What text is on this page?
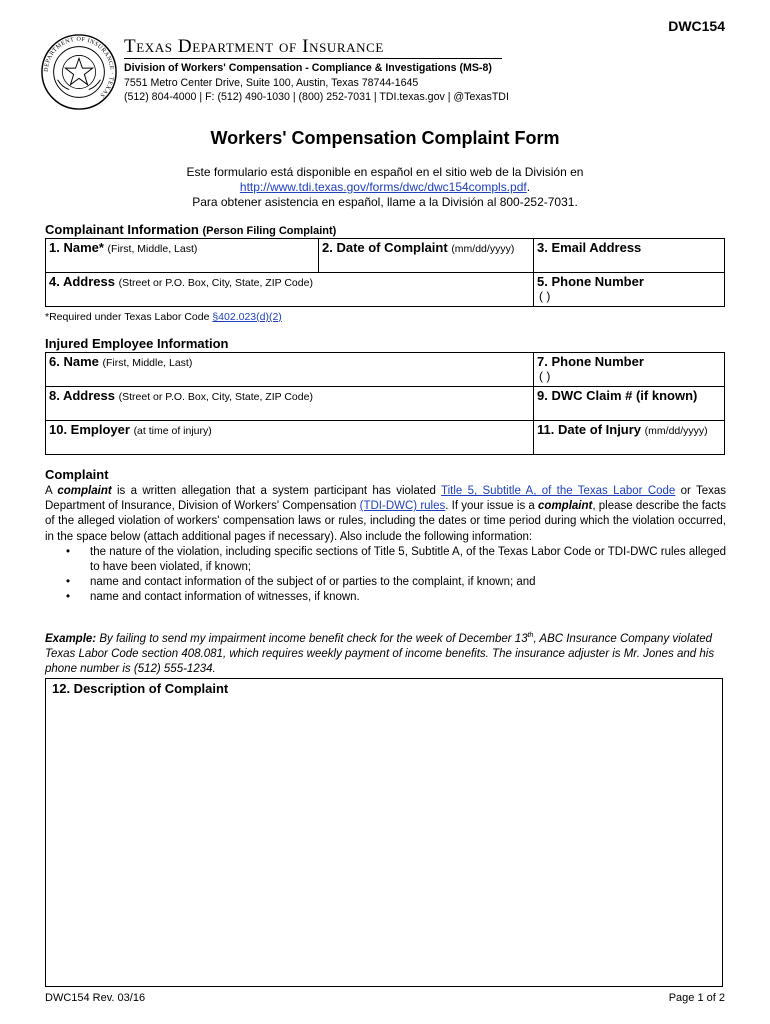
DWC154
DEPARTMENT OF INSURANCE · TEXAS
Texas Department of Insurance
Division of Workers' Compensation - Compliance & Investigations (MS-8)
7551 Metro Center Drive, Suite 100, Austin, Texas 78744-1645
(512) 804-4000 | F: (512) 490-1030 | (800) 252-7031 | TDI.texas.gov | @TexasTDI
Workers' Compensation Complaint Form
Este formulario está disponible en español en el sitio web de la División en
http://www.tdi.texas.gov/forms/dwc/dwc154compls.pdf.
Para obtener asistencia en español, llame a la División al 800-252-7031.
Complainant Information (Person Filing Complaint)
1. Name* (First, Middle, Last)	2. Date of Complaint (mm/dd/yyyy)	3. Email Address
4. Address (Street or P.O. Box, City, State, ZIP Code)		5. Phone Number
( )
*Required under Texas Labor Code §402.023(d)(2)
Injured Employee Information
6. Name (First, Middle, Last)	7. Phone Number
( )

8. Address (Street or P.O. Box, City, State, ZIP Code)	9. DWC Claim # (if known)
10. Employer (at time of injury)	11. Date of Injury (mm/dd/yyyy)
Complaint

A complaint is a written allegation that a system participant has violated Title 5, Subtitle A, of the Texas Labor Code or Texas Department of Insurance, Division of Workers' Compensation (TDI-DWC) rules. If your issue is a complaint, please describe the facts of the alleged violation of workers' compensation laws or rules, including the dates or time period during which the violation occurred, in the space below (attach additional pages if necessary). Also include the following information:

• the nature of the violation, including specific sections of Title 5, Subtitle A, of the Texas Labor Code or TDI-DWC rules alleged to have been violated, if known;
• name and contact information of the subject of or parties to the complaint, if known; and
• name and contact information of witnesses, if known.
Example: By failing to send my impairment income benefit check for the week of December 13th, ABC Insurance Company violated Texas Labor Code section 408.081, which requires weekly payment of income benefits. The insurance adjuster is Mr. Jones and his phone number is (512) 555-1234.
12. Description of Complaint
DWC154 Rev. 03/16	Page 1 of 2
